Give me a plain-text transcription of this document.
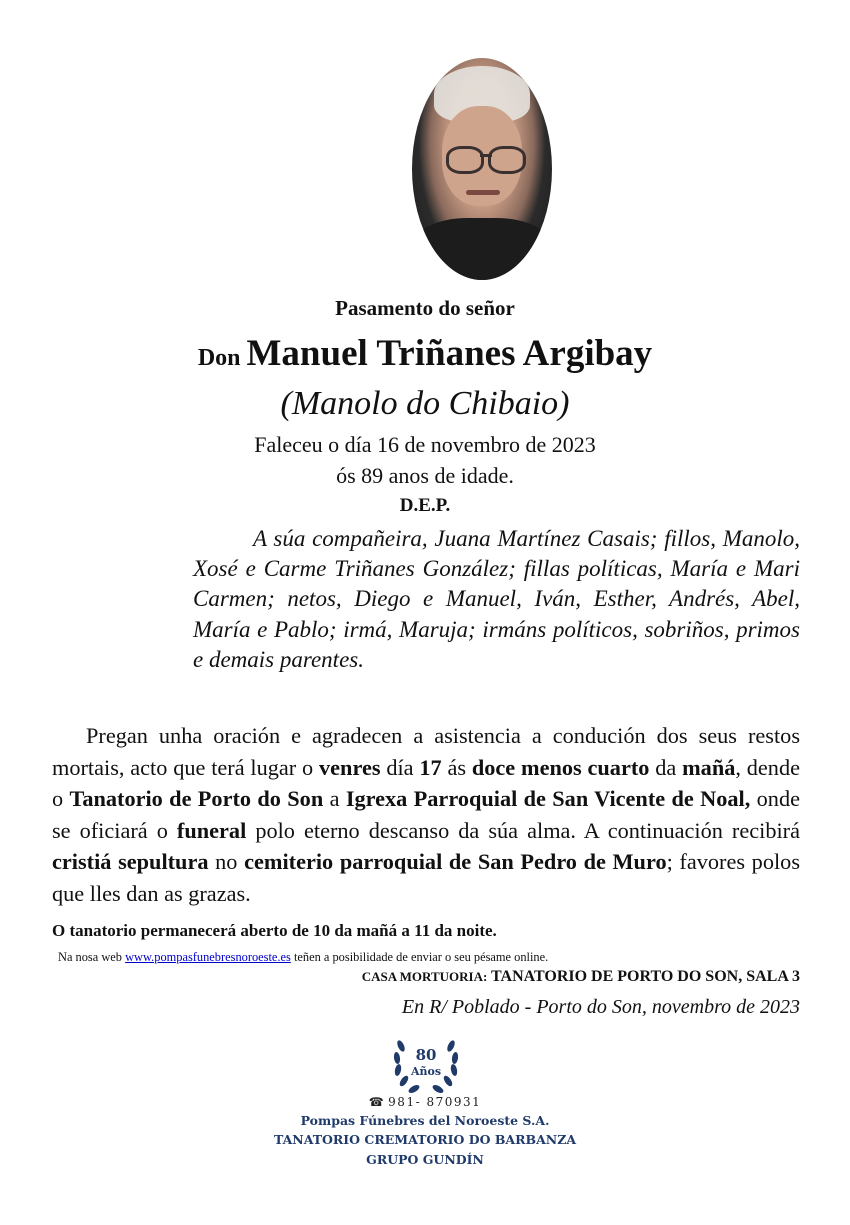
Pasamento do señor
Don Manuel Triñanes Argibay
(Manolo do Chibaio)
Faleceu o día 16 de novembro de 2023
ós 89 anos de idade.
D.E.P.
A súa compañeira, Juana Martínez Casais; fillos, Manolo, Xosé e Carme Triñanes González; fillas políticas, María e Mari Carmen; netos, Diego e Manuel, Iván, Esther, Andrés, Abel, María e Pablo; irmá, Maruja; irmáns políticos, sobriños, primos e demais parentes.
Pregan unha oración e agradecen a asistencia a condución dos seus restos mortais, acto que terá lugar o venres día 17 ás doce menos cuarto da mañá, dende o Tanatorio de Porto do Son a Igrexa Parroquial de San Vicente de Noal, onde se oficiará o funeral polo eterno descanso da súa alma. A continuación recibirá cristiá sepultura no cemiterio parroquial de San Pedro de Muro; favores polos que lles dan as grazas.
O tanatorio permanecerá aberto de 10 da mañá a 11 da noite.
Na nosa web www.pompasfunebresnoroeste.es teñen a posibilidade de enviar o seu pésame online.
CASA MORTUORIA: TANATORIO DE PORTO DO SON, SALA 3
En R/ Poblado - Porto do Son, novembro de 2023
80
Años
☎ 981- 870931
Pompas Fúnebres del Noroeste S.A.
TANATORIO CREMATORIO DO BARBANZA
GRUPO GUNDÍN
